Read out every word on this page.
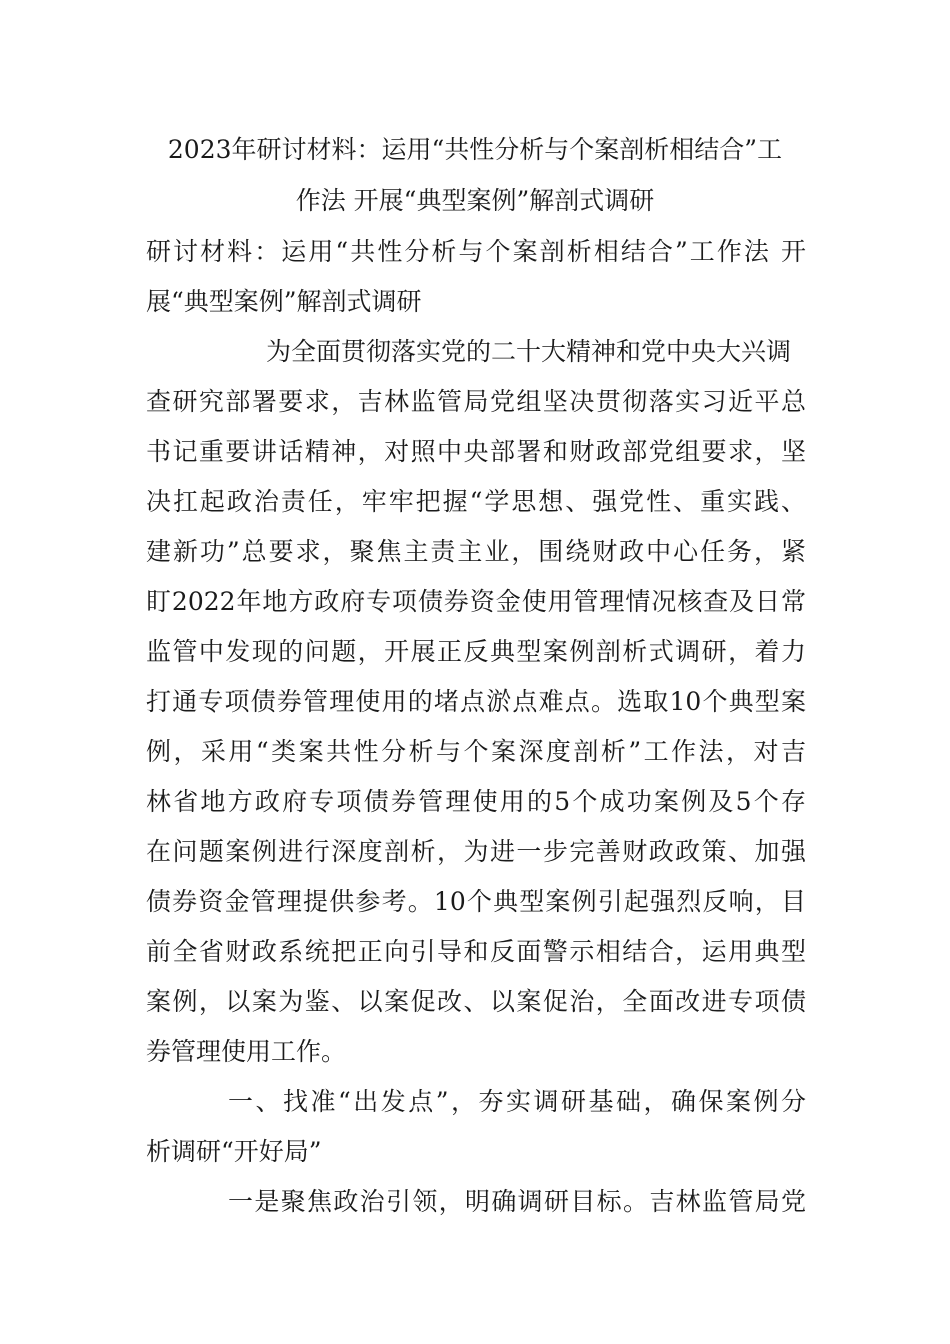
2023年研讨材料：运用“共性分析与个案剖析相结合”工
作法 开展“典型案例”解剖式调研
研讨材料：运用“共性分析与个案剖析相结合”工作法 开
展“典型案例”解剖式调研
为全面贯彻落实党的二十大精神和党中央大兴调
查研究部署要求，吉林监管局党组坚决贯彻落实习近平总
书记重要讲话精神，对照中央部署和财政部党组要求，坚
决扛起政治责任，牢牢把握“学思想、强党性、重实践、
建新功”总要求，聚焦主责主业，围绕财政中心任务，紧
盯2022年地方政府专项债券资金使用管理情况核查及日常
监管中发现的问题，开展正反典型案例剖析式调研，着力
打通专项债券管理使用的堵点淤点难点。选取10个典型案
例，采用“类案共性分析与个案深度剖析”工作法，对吉
林省地方政府专项债券管理使用的5个成功案例及5个存
在问题案例进行深度剖析，为进一步完善财政政策、加强
债券资金管理提供参考。10个典型案例引起强烈反响，目
前全省财政系统把正向引导和反面警示相结合，运用典型
案例，以案为鉴、以案促改、以案促治，全面改进专项债
券管理使用工作。
一、找准“出发点”，夯实调研基础，确保案例分
析调研“开好局”
一是聚焦政治引领，明确调研目标。吉林监管局党
